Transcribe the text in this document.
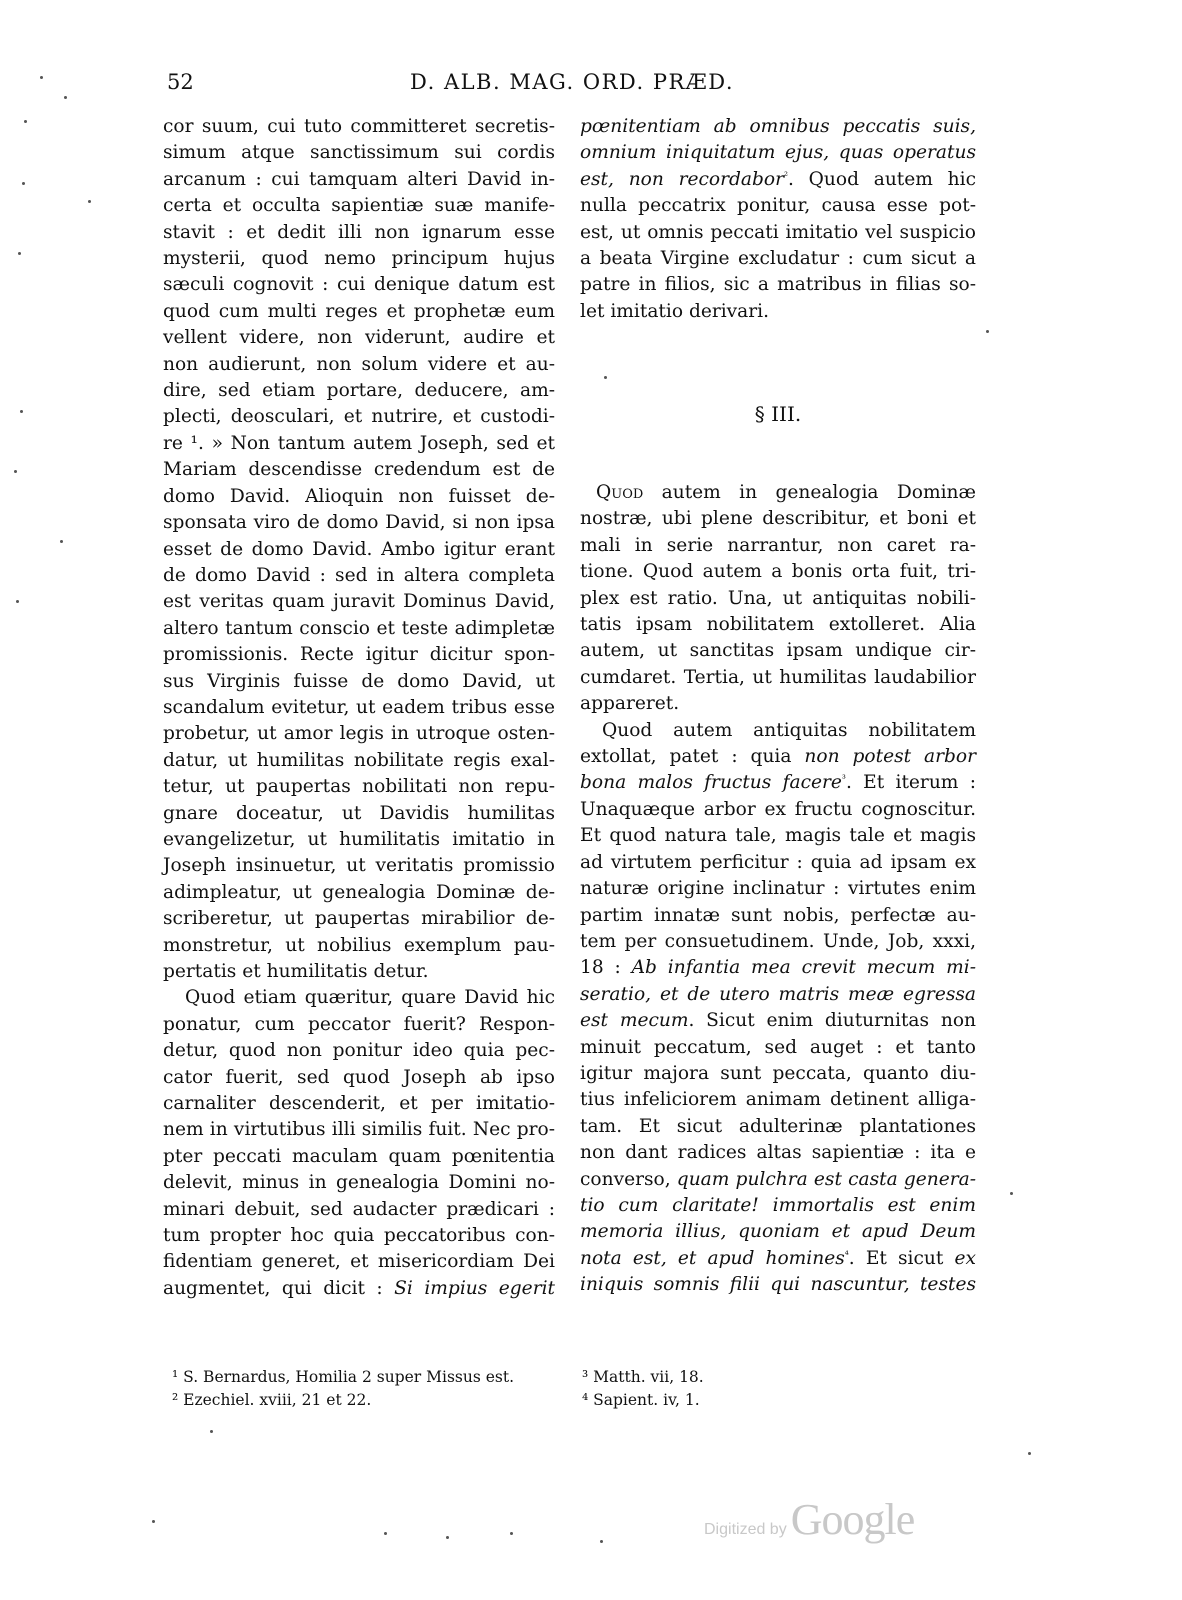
52	D. ALB. MAG. ORD. PRÆD.

cor suum, cui tuto committeret secretis-
simum atque sanctissimum sui cordis
arcanum : cui tamquam alteri David in-
certa et occulta sapientiæ suæ manife-
stavit : et dedit illi non ignarum esse
mysterii, quod nemo principum hujus
sæculi cognovit : cui denique datum est
quod cum multi reges et prophetæ eum
vellent videre, non viderunt, audire et
non audierunt, non solum videre et au-
dire, sed etiam portare, deducere, am-
plecti, deosculari, et nutrire, et custodi-
re ¹. » Non tantum autem Joseph, sed et
Mariam descendisse credendum est de
domo David. Alioquin non fuisset de-
sponsata viro de domo David, si non ipsa
esset de domo David. Ambo igitur erant
de domo David : sed in altera completa
est veritas quam juravit Dominus David,
altero tantum conscio et teste adimpletæ
promissionis. Recte igitur dicitur spon-
sus Virginis fuisse de domo David, ut
scandalum evitetur, ut eadem tribus esse
probetur, ut amor legis in utroque osten-
datur, ut humilitas nobilitate regis exal-
tetur, ut paupertas nobilitati non repu-
gnare doceatur, ut Davidis humilitas
evangelizetur, ut humilitatis imitatio in
Joseph insinuetur, ut veritatis promissio
adimpleatur, ut genealogia Dominæ de-
scriberetur, ut paupertas mirabilior de-
monstretur, ut nobilius exemplum pau-
pertatis et humilitatis detur.

Quod etiam quæritur, quare David hic
ponatur, cum peccator fuerit? Respon-
detur, quod non ponitur ideo quia pec-
cator fuerit, sed quod Joseph ab ipso
carnaliter descenderit, et per imitatio-
nem in virtutibus illi similis fuit. Nec pro-
pter peccati maculam quam pœnitentia
delevit, minus in genealogia Domini no-
minari debuit, sed audacter prædicari :
tum propter hoc quia peccatoribus con-
fidentiam generet, et misericordiam Dei
augmentet, qui dicit : Si impius egerit

pœnitentiam ab omnibus peccatis suis,
omnium iniquitatum ejus, quas operatus
est, non recordabor$^{^2}$. Quod autem hic
nulla peccatrix ponitur, causa esse pot-
est, ut omnis peccati imitatio vel suspicio
a beata Virgine excludatur : cum sicut a
patre in filios, sic a matribus in filias so-
let imitatio derivari.

§ III.

Quod autem in genealogia Dominæ
nostræ, ubi plene describitur, et boni et
mali in serie narrantur, non caret ra-
tione. Quod autem a bonis orta fuit, tri-
plex est ratio. Una, ut antiquitas nobili-
tatis ipsam nobilitatem extolleret. Alia
autem, ut sanctitas ipsam undique cir-
cumdaret. Tertia, ut humilitas laudabilior
appareret.

Quod autem antiquitas nobilitatem
extollat, patet : quia non potest arbor
bona malos fructus facere$^{^3}$. Et iterum :
Unaquæque arbor ex fructu cognoscitur.
Et quod natura tale, magis tale et magis
ad virtutem perficitur : quia ad ipsam ex
naturæ origine inclinatur : virtutes enim
partim innatæ sunt nobis, perfectæ au-
tem per consuetudinem. Unde, Job, xxxi,
18 : Ab infantia mea crevit mecum mi-
seratio, et de utero matris meæ egressa
est mecum. Sicut enim diuturnitas non
minuit peccatum, sed auget : et tanto
igitur majora sunt peccata, quanto diu-
tius infeliciorem animam detinent alliga-
tam. Et sicut adulterinæ plantationes
non dant radices altas sapientiæ : ita e
converso, quam pulchra est casta genera-
tio cum claritate! immortalis est enim
memoria illius, quoniam et apud Deum
nota est, et apud homines$^{^4}$. Et sicut ex
iniquis somnis filii qui nascuntur, testes

¹ S. Bernardus, Homilia 2 super Missus est.
² Ezechiel. xviii, 21 et 22.
³ Matth. vii, 18.
⁴ Sapient. iv, 1.
Digitized by Google
